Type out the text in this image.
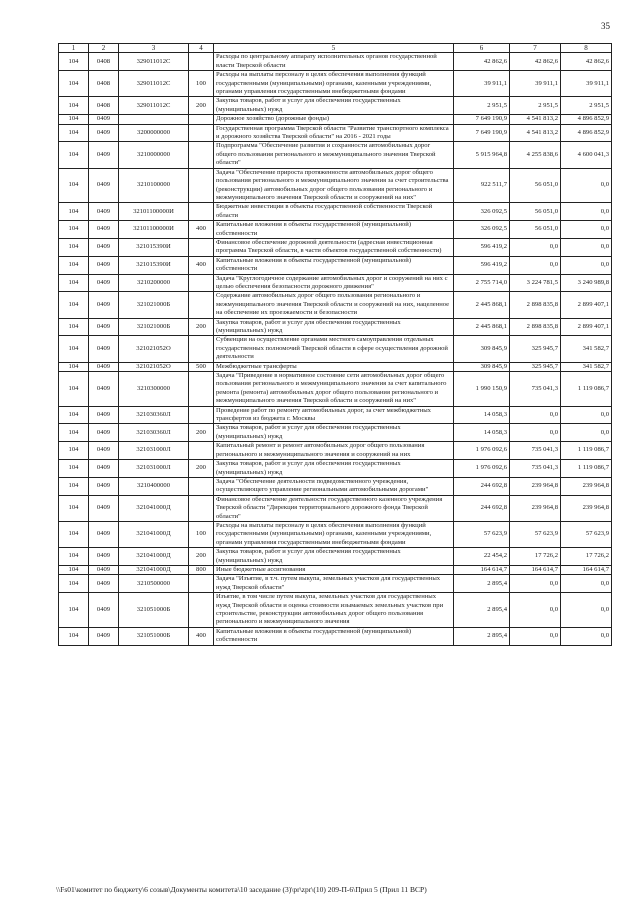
35
1	2	3	4	5	6	7	8
104	0408	329011012С		Расходы по центральному аппарату исполнительных органов государственной власти Тверской области	42 862,6	42 862,6	42 862,6
104	0408	329011012С	100	Расходы на выплаты персоналу в целях обеспечения выполнения функций государственными (муниципальными) органами, казенными учреждениями, органами управления государственными внебюджетными фондами	39 911,1	39 911,1	39 911,1
104	0408	329011012С	200	Закупка товаров, работ и услуг для обеспечения государственных (муниципальных) нужд	2 951,5	2 951,5	2 951,5
104	0409			Дорожное хозяйство (дорожные фонды)	7 649 190,9	4 541 813,2	4 896 852,9
104	0409	3200000000		Государственная программа Тверской области "Развитие транспортного комплекса и дорожного хозяйства Тверской области" на 2016 - 2021 годы	7 649 190,9	4 541 813,2	4 896 852,9
104	0409	3210000000		Подпрограмма "Обеспечение развития и сохранности автомобильных дорог общего пользования регионального и межмуниципального значения Тверской области"	5 915 964,8	4 255 838,6	4 600 041,3
104	0409	3210100000		Задача "Обеспечение прироста протяженности автомобильных дорог общего пользования регионального и межмуниципального значения за счет строительства (реконструкции) автомобильных дорог общего пользования регионального и межмуниципального значения Тверской области и сооружений на них"	922 511,7	56 051,0	0,0
104	0409	32101100000И		Бюджетные инвестиции в объекты государственной собственности Тверской области	326 092,5	56 051,0	0,0
104	0409	32101100000И	400	Капитальные вложения в объекты государственной (муниципальной) собственности	326 092,5	56 051,0	0,0
104	0409	321015390И		Финансовое обеспечение дорожной деятельности (адресная инвестиционная программа Тверской области, в части объектов государственной собственности)	596 419,2	0,0	0,0
104	0409	321015390И	400	Капитальные вложения в объекты государственной (муниципальной) собственности	596 419,2	0,0	0,0
104	0409	3210200000		Задача "Круглогодичное содержание автомобильных дорог и сооружений на них с целью обеспечения безопасности дорожного движения"	2 755 714,0	3 224 781,5	3 240 989,8
104	0409	321021000Б		Содержание автомобильных дорог общего пользования регионального и межмуниципального значения Тверской области и сооружений на них, нацеленное на обеспечение их проезжаемости и безопасности	2 445 868,1	2 898 835,8	2 899 407,1
104	0409	321021000Б	200	Закупка товаров, работ и услуг для обеспечения государственных (муниципальных) нужд	2 445 868,1	2 898 835,8	2 899 407,1
104	0409	321021052О		Субвенции на осуществление органами местного самоуправления отдельных государственных полномочий Тверской области в сфере осуществления дорожной деятельности	309 845,9	325 945,7	341 582,7
104	0409	321021052О	500	Межбюджетные трансферты	309 845,9	325 945,7	341 582,7
104	0409	3210300000		Задача "Приведение в нормативное состояние сети автомобильных дорог общего пользования регионального и межмуниципального значения за счет капитального ремонта (ремонта) автомобильных дорог общего пользования регионального и межмуниципального значения Тверской области и сооружений на них"	1 990 150,9	735 041,3	1 119 086,7
104	0409	321030360Л		Проведение работ по ремонту автомобильных дорог, за счет межбюджетных трансфертов из бюджета г. Москвы	14 058,3	0,0	0,0
104	0409	321030360Л	200	Закупка товаров, работ и услуг для обеспечения государственных (муниципальных) нужд	14 058,3	0,0	0,0
104	0409	321031000Л		Капитальный ремонт и ремонт автомобильных дорог общего пользования регионального и межмуниципального значения и сооружений на них	1 976 092,6	735 041,3	1 119 086,7
104	0409	321031000Л	200	Закупка товаров, работ и услуг для обеспечения государственных (муниципальных) нужд	1 976 092,6	735 041,3	1 119 086,7
104	0409	3210400000		Задача "Обеспечение деятельности подведомственного учреждения, осуществляющего управление региональными автомобильными дорогами"	244 692,8	239 964,8	239 964,8
104	0409	321041000Д		Финансовое обеспечение деятельности государственного казенного учреждения Тверской области "Дирекция территориального дорожного фонда Тверской области"	244 692,8	239 964,8	239 964,8
104	0409	321041000Д	100	Расходы на выплаты персоналу в целях обеспечения выполнения функций государственными (муниципальными) органами, казенными учреждениями, органами управления государственными внебюджетными фондами	57 623,9	57 623,9	57 623,9
104	0409	321041000Д	200	Закупка товаров, работ и услуг для обеспечения государственных (муниципальных) нужд	22 454,2	17 726,2	17 726,2
104	0409	321041000Д	800	Иные бюджетные ассигнования	164 614,7	164 614,7	164 614,7
104	0409	3210500000		Задача "Изъятие, в т.ч. путем выкупа, земельных участков для государственных нужд Тверской области"	2 895,4	0,0	0,0
104	0409	321051000Б		Изъятие, в том числе путем выкупа, земельных участков для государственных нужд Тверской области и оценка стоимости изымаемых земельных участков при строительстве, реконструкции автомобильных дорог общего пользования регионального и межмуниципального значения	2 895,4	0,0	0,0
104	0409	321051000Б	400	Капитальные вложения в объекты государственной (муниципальной) собственности	2 895,4	0,0	0,0
\\Fs01\комитет по бюджету\6 созыв\Документы комитета\10 заседание (3)\pr\zpr\(10) 209-П-6\Прил 5 (Прил 11 ВСР)
